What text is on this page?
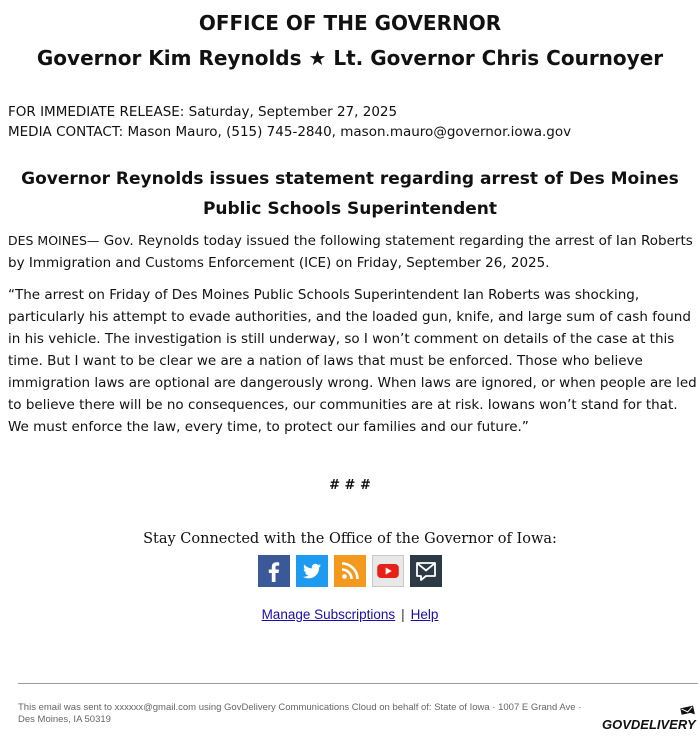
OFFICE OF THE GOVERNOR
Governor Kim Reynolds ★ Lt. Governor Chris Cournoyer
FOR IMMEDIATE RELEASE: Saturday, September 27, 2025
MEDIA CONTACT: Mason Mauro, (515) 745-2840, mason.mauro@governor.iowa.gov
Governor Reynolds issues statement regarding arrest of Des Moines Public Schools Superintendent

DES MOINES— Gov. Reynolds today issued the following statement regarding the arrest of Ian Roberts by Immigration and Customs Enforcement (ICE) on Friday, September 26, 2025.

“The arrest on Friday of Des Moines Public Schools Superintendent Ian Roberts was shocking, particularly his attempt to evade authorities, and the loaded gun, knife, and large sum of cash found in his vehicle. The investigation is still underway, so I won’t comment on details of the case at this time. But I want to be clear we are a nation of laws that must be enforced. Those who believe immigration laws are optional are dangerously wrong. When laws are ignored, or when people are led to believe there will be no consequences, our communities are at risk. Iowans won’t stand for that. We must enforce the law, every time, to protect our families and our future.”

# # #
Stay Connected with the Office of the Governor of Iowa:
Manage Subscriptions | Help
This email was sent to xxxxxx@gmail.com using GovDelivery Communications Cloud on behalf of: State of Iowa · 1007 E Grand Ave · Des Moines, IA 50319	GOVDELIVERY
